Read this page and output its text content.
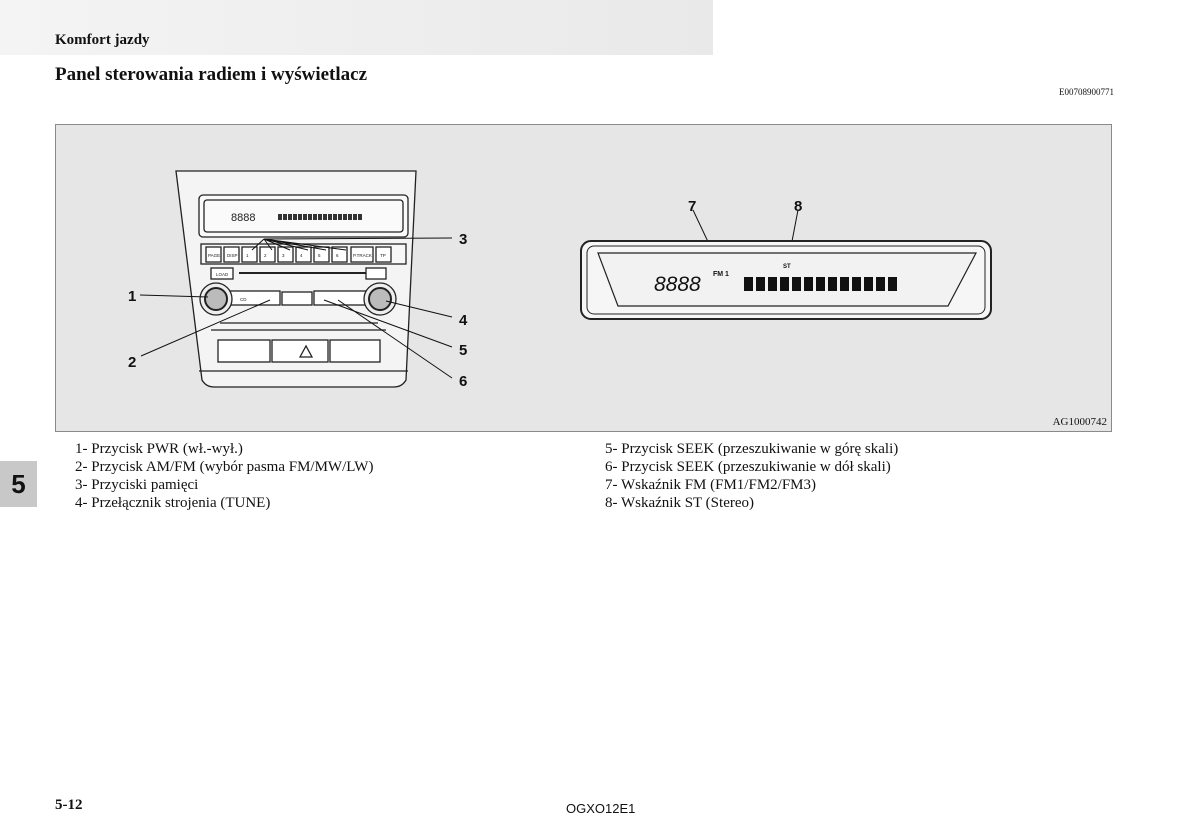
Komfort jazdy
Panel sterowania radiem i wyświetlacz
E00708900771
PAGE DISP 1	2	3	4	5	6	P.TRACK TP
LOAD
CD
8888
1
2
3
4
5
6
7	8
8888 FM 1
ST
AG1000742
1- Przycisk PWR (wł.-wył.)
2- Przycisk AM/FM (wybór pasma FM/MW/LW)
3- Przyciski pamięci
4- Przełącznik strojenia (TUNE)
5- Przycisk SEEK (przeszukiwanie w górę skali)
6- Przycisk SEEK (przeszukiwanie w dół skali)
7- Wskaźnik FM (FM1/FM2/FM3)
8- Wskaźnik ST (Stereo)
5
5-12	OGXO12E1
